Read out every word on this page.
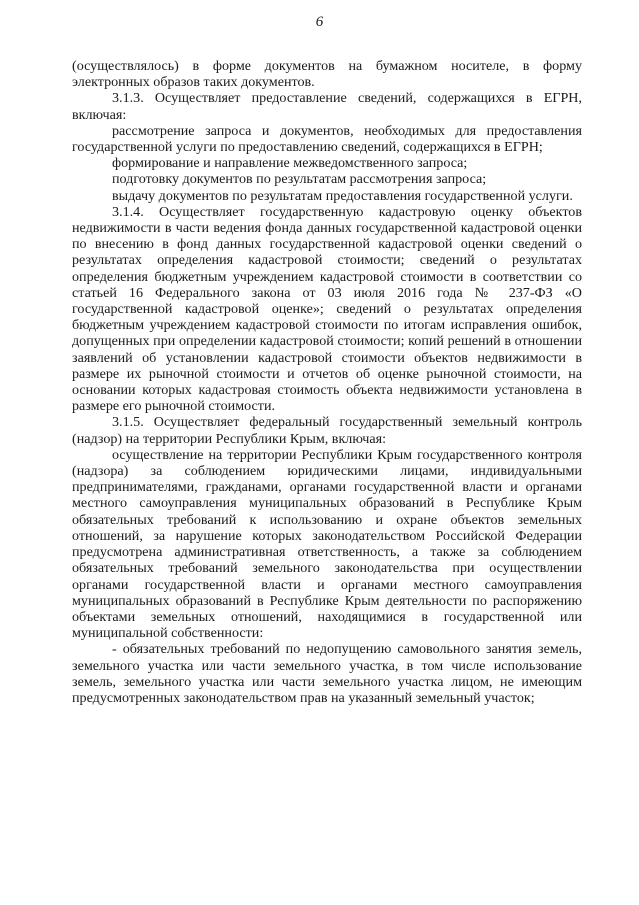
6

(осуществлялось) в форме документов на бумажном носителе, в форму электронных образов таких документов.

3.1.3. Осуществляет предоставление сведений, содержащихся в ЕГРН, включая:

рассмотрение запроса и документов, необходимых для предоставления государственной услуги по предоставлению сведений, содержащихся в ЕГРН;

формирование и направление межведомственного запроса;

подготовку документов по результатам рассмотрения запроса;

выдачу документов по результатам предоставления государственной услуги.

3.1.4. Осуществляет государственную кадастровую оценку объектов недвижимости в части ведения фонда данных государственной кадастровой оценки по внесению в фонд данных государственной кадастровой оценки сведений о результатах определения кадастровой стоимости; сведений о результатах определения бюджетным учреждением кадастровой стоимости в соответствии со статьей 16 Федерального закона от 03 июля 2016 года № 237-ФЗ «О государственной кадастровой оценке»; сведений о результатах определения бюджетным учреждением кадастровой стоимости по итогам исправления ошибок, допущенных при определении кадастровой стоимости; копий решений в отношении заявлений об установлении кадастровой стоимости объектов недвижимости в размере их рыночной стоимости и отчетов об оценке рыночной стоимости, на основании которых кадастровая стоимость объекта недвижимости установлена в размере его рыночной стоимости.

3.1.5. Осуществляет федеральный государственный земельный контроль (надзор) на территории Республики Крым, включая:

осуществление на территории Республики Крым государственного контроля (надзора) за соблюдением юридическими лицами, индивидуальными предпринимателями, гражданами, органами государственной власти и органами местного самоуправления муниципальных образований в Республике Крым обязательных требований к использованию и охране объектов земельных отношений, за нарушение которых законодательством Российской Федерации предусмотрена административная ответственность, а также за соблюдением обязательных требований земельного законодательства при осуществлении органами государственной власти и органами местного самоуправления муниципальных образований в Республике Крым деятельности по распоряжению объектами земельных отношений, находящимися в государственной или муниципальной собственности:

- обязательных требований по недопущению самовольного занятия земель, земельного участка или части земельного участка, в том числе использование земель, земельного участка или части земельного участка лицом, не имеющим предусмотренных законодательством прав на указанный земельный участок;
